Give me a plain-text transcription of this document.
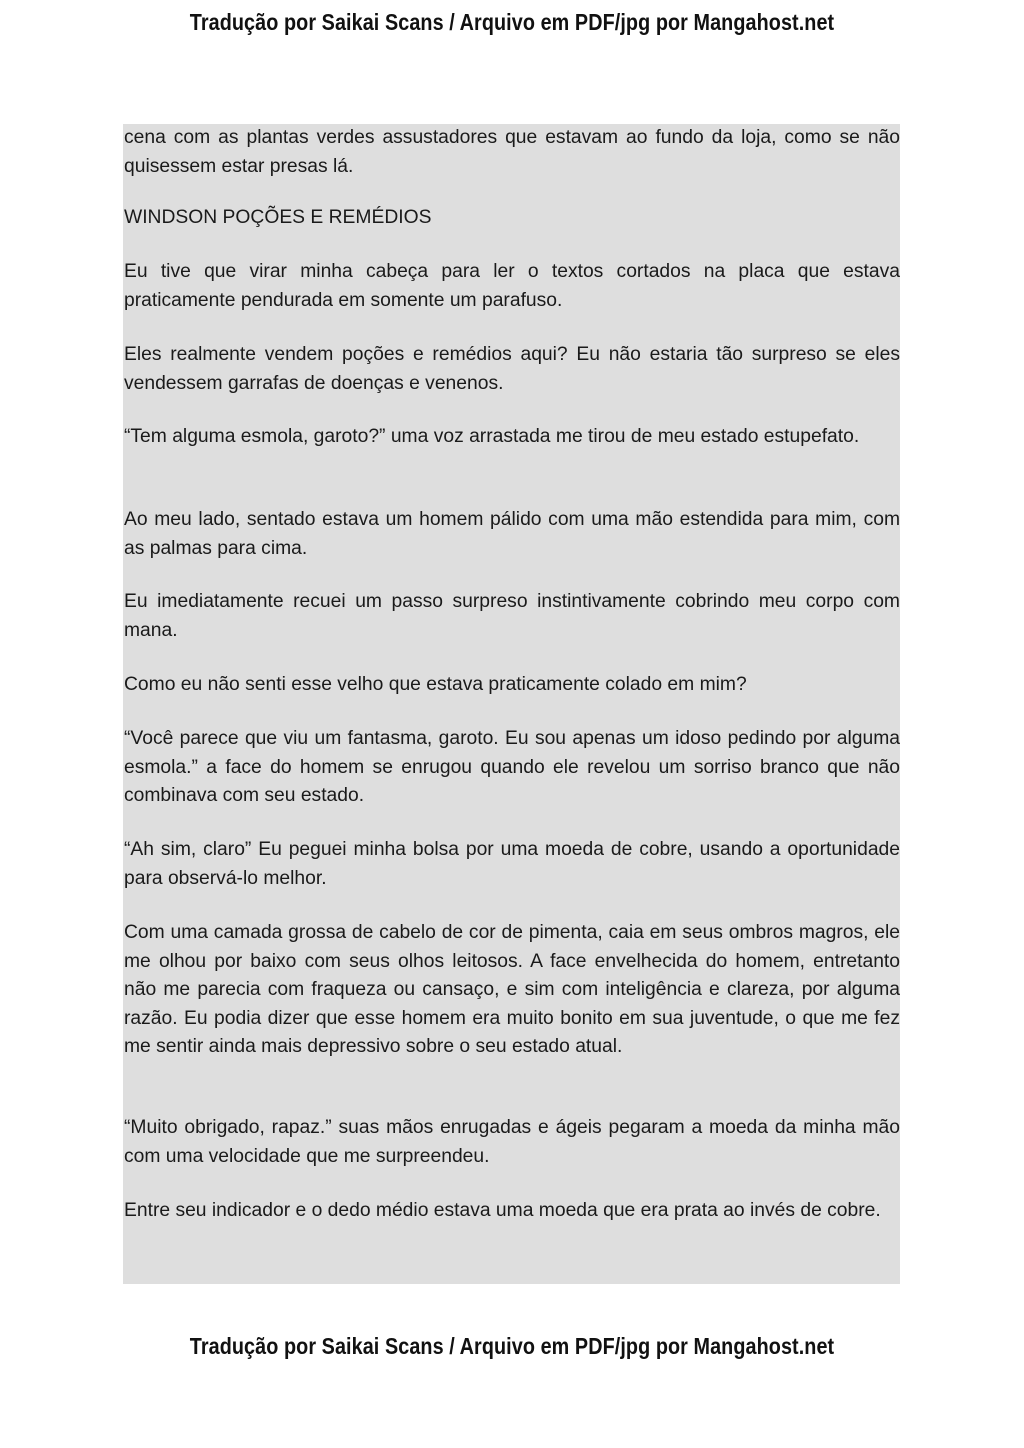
Tradução por Saikai Scans / Arquivo em PDF/jpg por Mangahost.net

cena com as plantas verdes assustadores que estavam ao fundo da loja, como se não quisessem estar presas lá.

WINDSON POÇÕES E REMÉDIOS

Eu tive que virar minha cabeça para ler o textos cortados na placa que estava praticamente pendurada em somente um parafuso.

Eles realmente vendem poções e remédios aqui? Eu não estaria tão surpreso se eles vendessem garrafas de doenças e venenos.

“Tem alguma esmola, garoto?” uma voz arrastada me tirou de meu estado estupefato.

Ao meu lado, sentado estava um homem pálido com uma mão estendida para mim, com as palmas para cima.

Eu imediatamente recuei um passo surpreso instintivamente cobrindo meu corpo com mana.

Como eu não senti esse velho que estava praticamente colado em mim?

“Você parece que viu um fantasma, garoto. Eu sou apenas um idoso pedindo por alguma esmola.” a face do homem se enrugou quando ele revelou um sorriso branco que não combinava com seu estado.

“Ah sim, claro” Eu peguei minha bolsa por uma moeda de cobre, usando a oportunidade para observá-lo melhor.

Com uma camada grossa de cabelo de cor de pimenta, caia em seus ombros magros, ele me olhou por baixo com seus olhos leitosos. A face envelhecida do homem, entretanto não me parecia com fraqueza ou cansaço, e sim com inteligência e clareza, por alguma razão. Eu podia dizer que esse homem era muito bonito em sua juventude, o que me fez me sentir ainda mais depressivo sobre o seu estado atual.

“Muito obrigado, rapaz.” suas mãos enrugadas e ágeis pegaram a moeda da minha mão com uma velocidade que me surpreendeu.

Entre seu indicador e o dedo médio estava uma moeda que era prata ao invés de cobre.

Tradução por Saikai Scans / Arquivo em PDF/jpg por Mangahost.net
